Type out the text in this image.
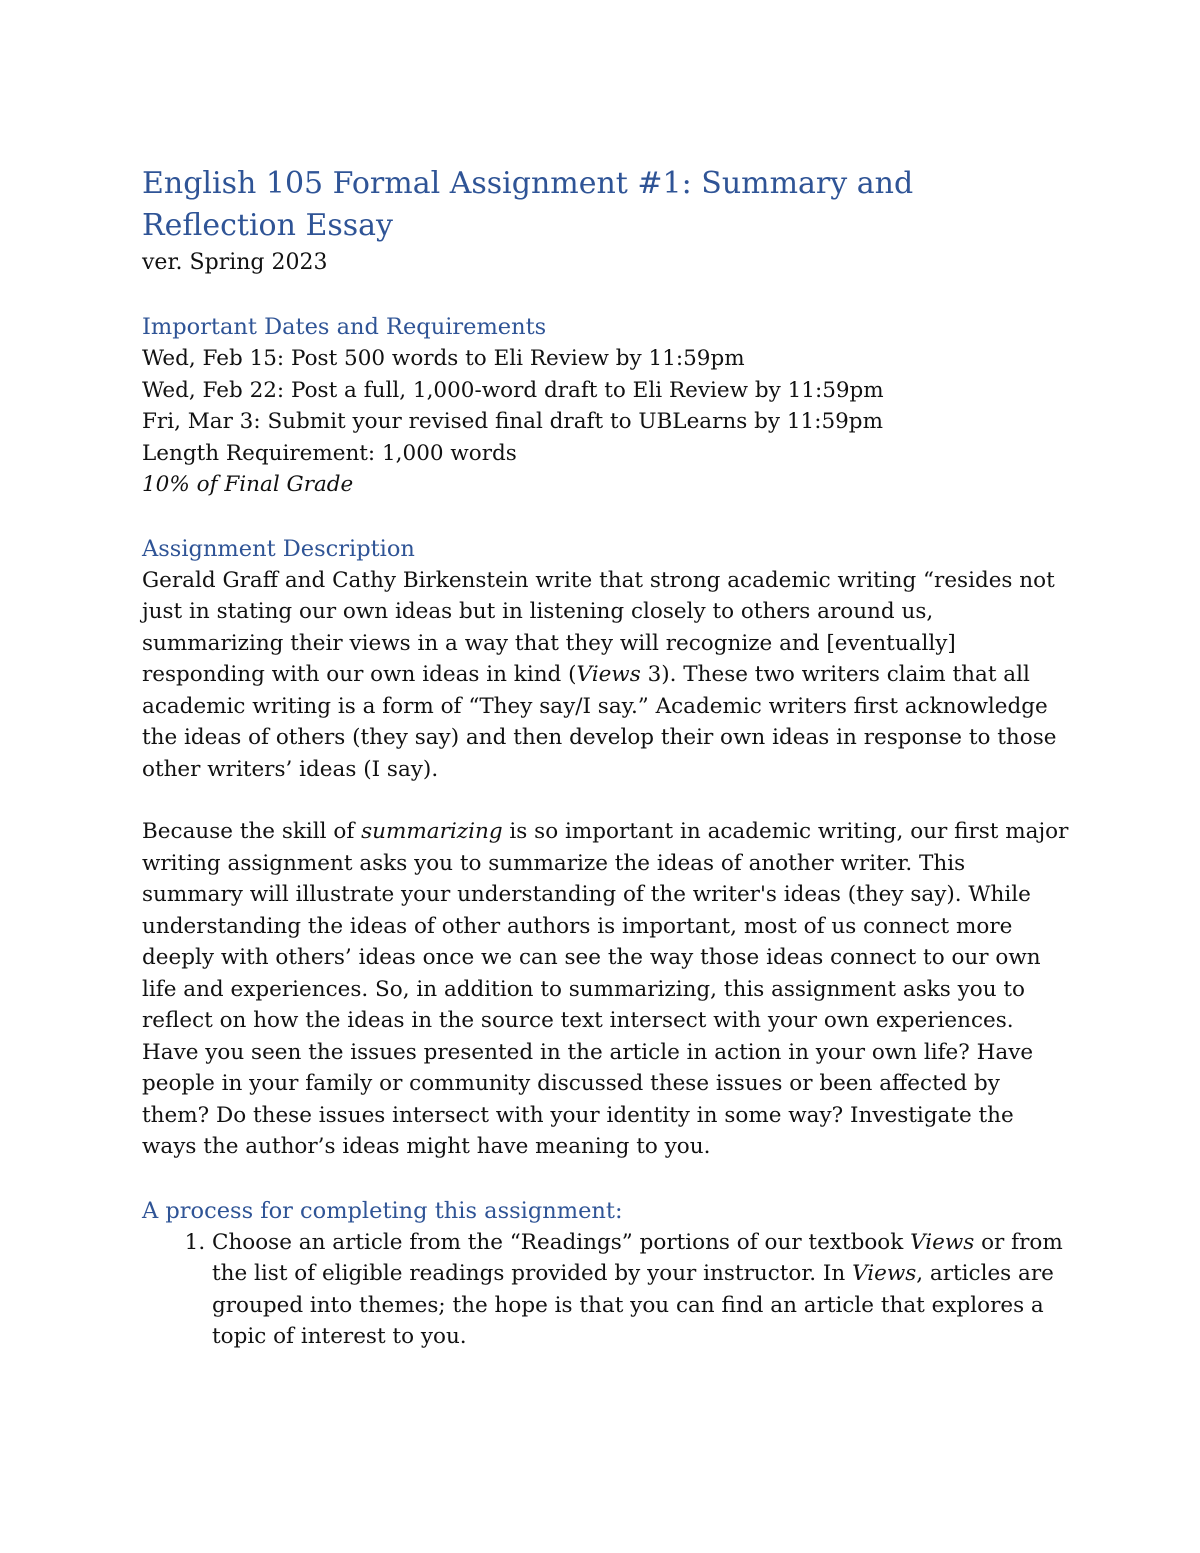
English 105 Formal Assignment #1: Summary and Reflection Essay

ver. Spring 2023

Important Dates and Requirements

Wed, Feb 15: Post 500 words to Eli Review by 11:59pm

Wed, Feb 22: Post a full, 1,000-word draft to Eli Review by 11:59pm

Fri, Mar 3: Submit your revised final draft to UBLearns by 11:59pm

Length Requirement: 1,000 words

10% of Final Grade

Assignment Description

Gerald Graff and Cathy Birkenstein write that strong academic writing “resides not just in stating our own ideas but in listening closely to others around us, summarizing their views in a way that they will recognize and [eventually] responding with our own ideas in kind (Views 3). These two writers claim that all academic writing is a form of “They say/I say.” Academic writers first acknowledge the ideas of others (they say) and then develop their own ideas in response to those other writers’ ideas (I say).

Because the skill of summarizing is so important in academic writing, our first major writing assignment asks you to summarize the ideas of another writer. This summary will illustrate your understanding of the writer's ideas (they say). While understanding the ideas of other authors is important, most of us connect more deeply with others’ ideas once we can see the way those ideas connect to our own life and experiences. So, in addition to summarizing, this assignment asks you to reflect on how the ideas in the source text intersect with your own experiences. Have you seen the issues presented in the article in action in your own life? Have people in your family or community discussed these issues or been affected by them? Do these issues intersect with your identity in some way? Investigate the ways the author’s ideas might have meaning to you.

A process for completing this assignment:
1. Choose an article from the “Readings” portions of our textbook Views or from the list of eligible readings provided by your instructor. In Views, articles are grouped into themes; the hope is that you can find an article that explores a topic of interest to you.
